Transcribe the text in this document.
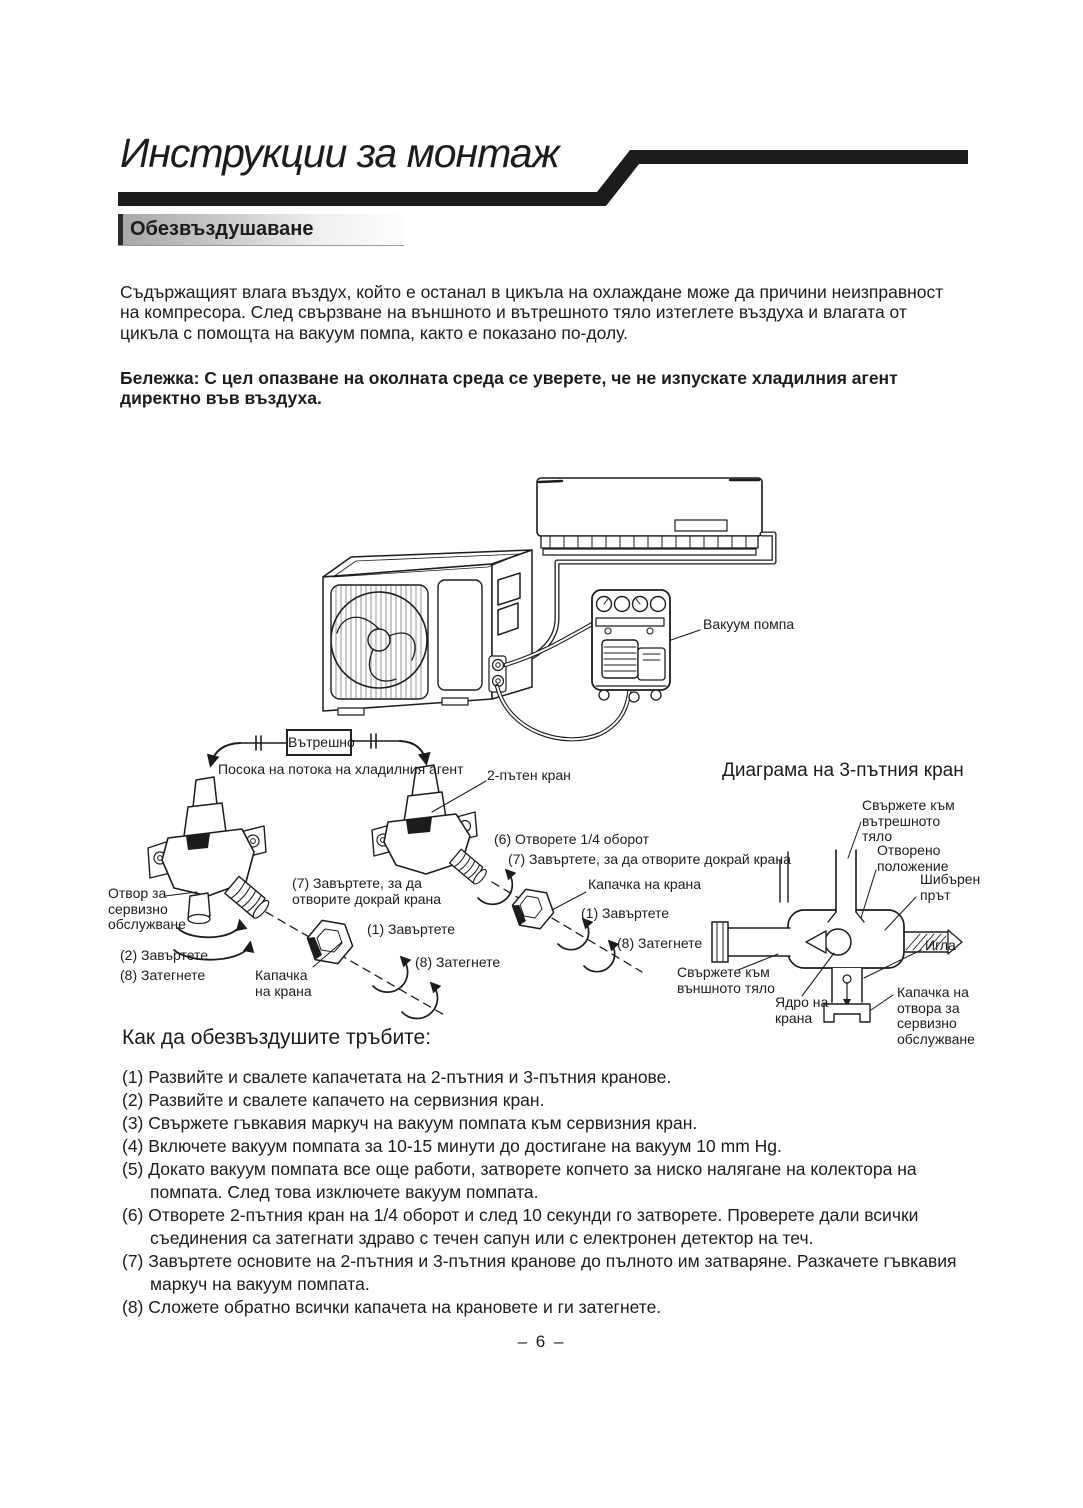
Инструкции за монтаж
Обезвъздушаване

Съдържащият влага въздух, който е останал в цикъла на охлаждане може да причини неизправност на компресора. След свързване на външното и вътрешното тяло изтеглете въздуха и влагата от цикъла с помощта на вакуум помпа, както е показано по-долу.

Бележка: С цел опазване на околната среда се уверете, че не изпускате хладилния агент директно във въздуха.

Вакуум помпа
Вътрешно
Посока на потока на хладилния агент 2-пътен кран	Диаграма на 3-пътния кран
(6) Отворете 1/4 оборот
(7) Завъртете, за да отворите докрай крана
Капачка на крана
(1) Завъртете
(8) Затегнете
Свържете към вътрешното тяло
Отворено положение
Шибърен прът
Игла
Свържете към външното тяло
Ядро на крана
Капачка на отвора за сервизно обслужване
Отвор за сервизно обслужване
(2) Завъртете
(8) Затегнете	Капачка на крана
(7) Завъртете, за да отворите докрай крана
(1) Завъртете
(8) Затегнете
Как да обезвъздушите тръбите:
(1) Развийте и свалете капачетата на 2-пътния и 3-пътния кранове.
(2) Развийте и свалете капачето на сервизния кран.
(3) Свържете гъвкавия маркуч на вакуум помпата към сервизния кран.
(4) Включете вакуум помпата за 10-15 минути до достигане на вакуум 10 mm Hg.
(5) Докато вакуум помпата все още работи, затворете копчето за ниско налягане на колектора на помпата. След това изключете вакуум помпата.
(6) Отворете 2-пътния кран на 1/4 оборот и след 10 секунди го затворете. Проверете дали всички съединения са затегнати здраво с течен сапун или с електронен детектор на теч.
(7) Завъртете основите на 2-пътния и 3-пътния кранове до пълното им затваряне. Разкачете гъвкавия маркуч на вакуум помпата.
(8) Сложете обратно всички капачета на крановете и ги затегнете.
– 6 –
